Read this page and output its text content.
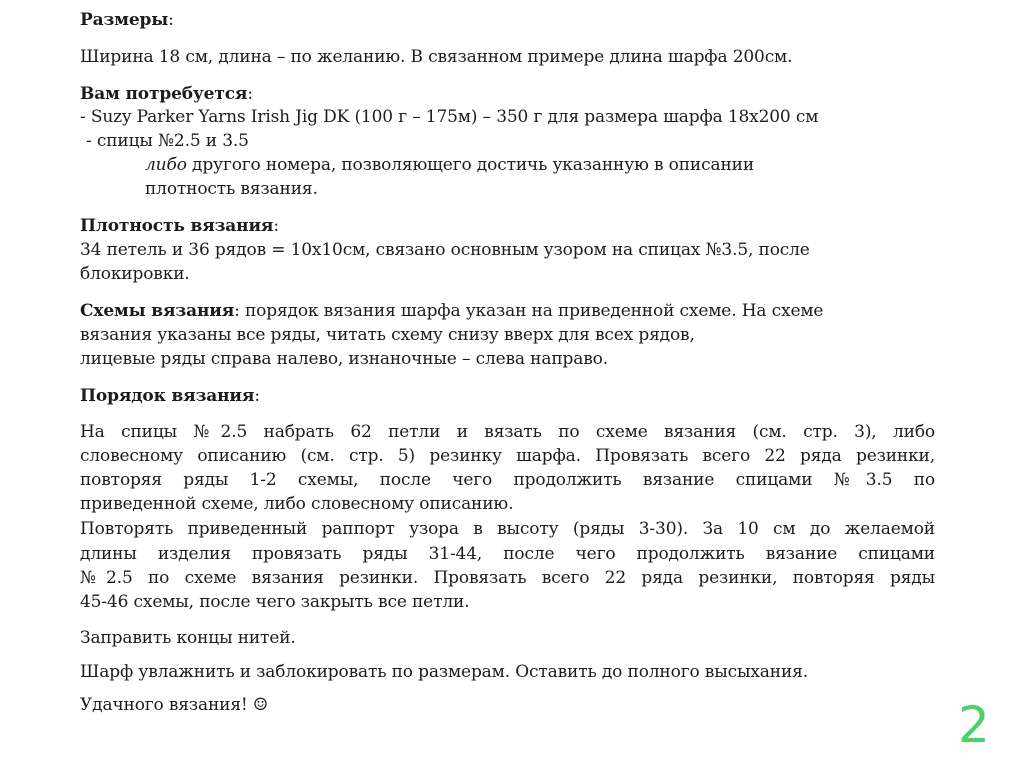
Размеры:
Ширина 18 см, длина – по желанию. В связанном примере длина шарфа 200см.
Вам потребуется:
- Suzy Parker Yarns Irish Jig DK (100 г – 175м) – 350 г для размера шарфа 18x200 см
- спицы №2.5 и 3.5
либо другого номера, позволяющего достичь указанную в описании
плотность вязания.
Плотность вязания:
34 петель и 36 рядов = 10x10см, связано основным узором на спицах №3.5, после
блокировки.
Схемы вязания: порядок вязания шарфа указан на приведенной схеме. На схеме
вязания указаны все ряды, читать схему снизу вверх для всех рядов,
лицевые ряды справа налево, изнаночные – слева направо.
Порядок вязания:
На спицы №2.5 набрать 62 петли и вязать по схеме вязания (см. стр. 3), либо
словесному описанию (см. стр. 5) резинку шарфа. Провязать всего 22 ряда резинки,
повторяя ряды 1-2 схемы, после чего продолжить вязание спицами №3.5 по
приведенной схеме, либо словесному описанию.
Повторять приведенный раппорт узора в высоту (ряды 3-30). За 10 см до желаемой
длины изделия провязать ряды 31-44, после чего продолжить вязание спицами
№2.5 по схеме вязания резинки. Провязать всего 22 ряда резинки, повторяя ряды
45-46 схемы, после чего закрыть все петли.
Заправить концы нитей.
Шарф увлажнить и заблокировать по размерам. Оставить до полного высыхания.
Удачного вязания! ☺	2
